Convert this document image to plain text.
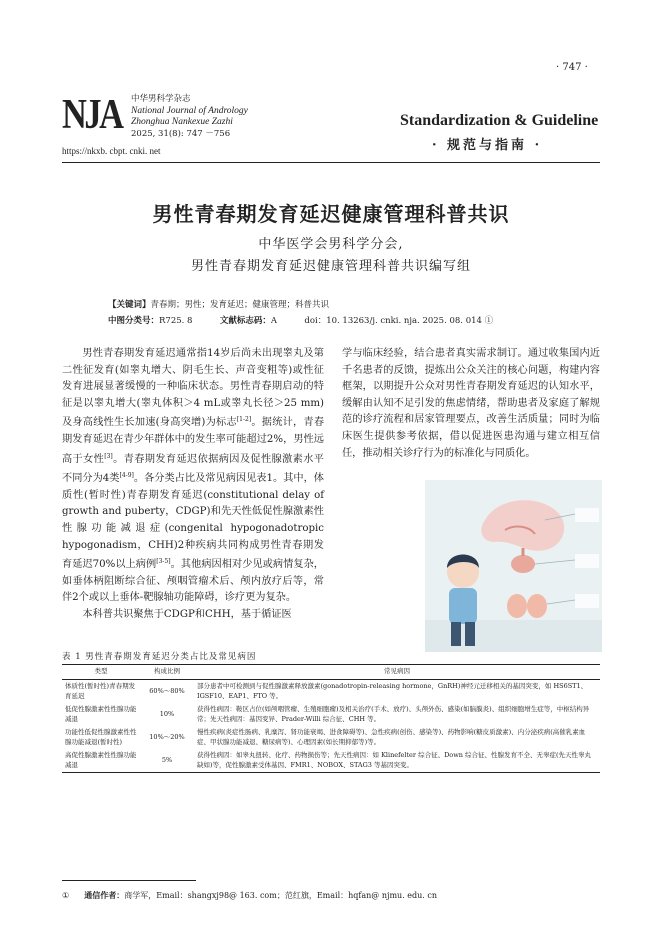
· 747 ·
NJA 中华男科学杂志
National Journal of Andrology
Zhonghua Nankexue Zazhi
2025, 31(8): 747 －756
https://nkxb. cbpt. cnki. net
Standardization & Guideline
· 规范与指南 ·
男性青春期发育延迟健康管理科普共识
中华医学会男科学分会,
男性青春期发育延迟健康管理科普共识编写组
【关键词】青春期；男性；发育延迟；健康管理；科普共识
中图分类号：R725. 8	文献标志码：A	doi：10. 13263/j. cnki. nja. 2025. 08. 014 ①

男性青春期发育延迟通常指14岁后尚未出现睾丸及第二性征发育(如睾丸增大、阴毛生长、声音变粗等)或性征发育进展显著缓慢的一种临床状态。男性青春期启动的特征是以睾丸增大(睾丸体积＞4 mL或睾丸长径＞25 mm)及身高线性生长加速(身高突增)为标志[1-2]。据统计，青春期发育延迟在青少年群体中的发生率可能超过2%，男性远高于女性[3]。青春期发育延迟依据病因及促性腺激素水平不同分为4类[4-9]。各分类占比及常见病因见表1。其中，体质性(暂时性)青春期发育延迟(constitutional delay of growth and puberty，CDGP)和先天性低促性腺激素性性腺功能减退症(congenital hypogonadotropic hypogonadism，CHH)2种疾病共同构成男性青春期发育延迟70%以上病例[3-5]。其他病因相对少见或病情复杂，如垂体柄阻断综合征、颅咽管瘤术后、颅内放疗后等，常伴2个或以上垂体-靶腺轴功能障碍，诊疗更为复杂。

本科普共识聚焦于CDGP和CHH，基于循证医

学与临床经验，结合患者真实需求制订。通过收集国内近千名患者的反馈，提炼出公众关注的核心问题，构建内容框架，以期提升公众对男性青春期发育延迟的认知水平，缓解由认知不足引发的焦虑情绪，帮助患者及家庭了解规范的诊疗流程和居家管理要点，改善生活质量；同时为临床医生提供参考依据，借以促进医患沟通与建立相互信任，推动相关诊疗行为的标准化与同质化。

表 1 男性青春期发育延迟分类占比及常见病因
类型	构成比例	常见病因
体质性(暂时性)青春期发育延迟	60%～80%	部分患者中可检测到与促性腺激素释放激素(gonadotropin-releasing hormone，GnRH)神经元迁移相关的基因突变，如 HS6ST1、IGSF10、EAP1、FTO 等。
低促性腺激素性性腺功能减退	10%	获得性病因：鞍区占位(如颅咽管瘤、生殖细胞瘤)及相关治疗(手术、放疗)、头颅外伤、感染(如脑膜炎)、组织细胞增生症等，中枢结构异常；先天性病因：基因变异、Prader-Willi 综合征、CHH 等。
功能性低促性腺激素性性腺功能减退(暂时性)	10%～20%	慢性疾病(炎症性肠病、乳糜泻、肾功能衰竭、进食障碍等)、急性疾病(创伤、感染等)、药物影响(糖皮质激素)、内分泌疾病(高催乳素血症、甲状腺功能减退、糖尿病等)、心理因素(如长期抑郁等)等。
高促性腺激素性性腺功能减退	5%	获得性病因：如睾丸扭转、化疗、药物损伤等；先天性病因：如 Klinefelter 综合征、Down 综合征、性腺发育不全、无睾症(先天性睾丸缺如)等，促性腺激素受体基因、FMR1、NOBOX、STAG3 等基因突变。
① 通信作者：商学军，Email：shangxj98@ 163. com；范红旗，Email：hqfan@ njmu. edu. cn
